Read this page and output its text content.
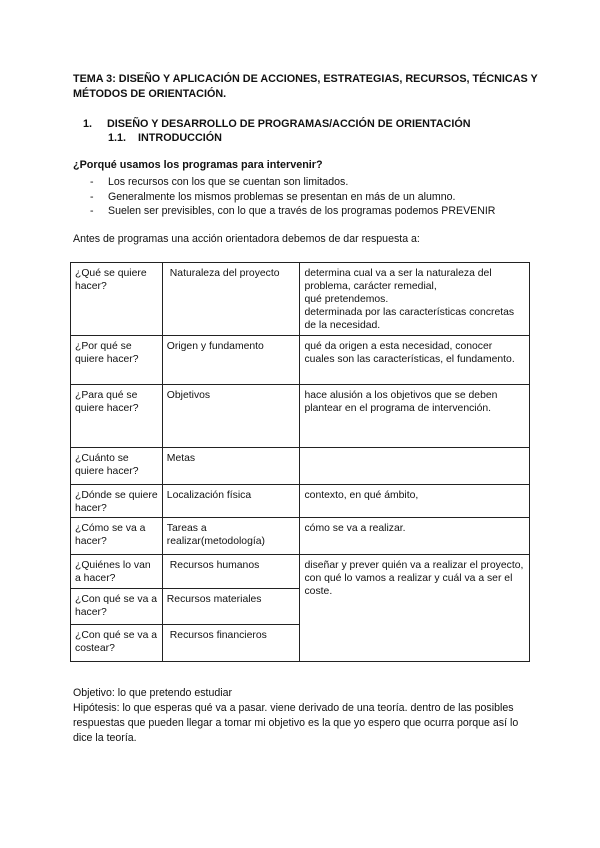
TEMA 3: DISEÑO Y APLICACIÓN DE ACCIONES, ESTRATEGIAS, RECURSOS, TÉCNICAS Y MÉTODOS DE ORIENTACIÓN.
1. DISEÑO Y DESARROLLO DE PROGRAMAS/ACCIÓN DE ORIENTACIÓN
1.1. INTRODUCCIÓN
¿Porqué usamos los programas para intervenir?
- Los recursos con los que se cuentan son limitados.
- Generalmente los mismos problemas se presentan en más de un alumno.
- Suelen ser previsibles, con lo que a través de los programas podemos PREVENIR
Antes de programas una acción orientadora debemos de dar respuesta a:
¿Qué se quiere hacer?	Naturaleza del proyecto	determina cual va a ser la naturaleza del problema, carácter remedial,
qué pretendemos.
determinada por las características concretas de la necesidad.
¿Por qué se quiere hacer?	Origen y fundamento	qué da origen a esta necesidad, conocer cuales son las características, el fundamento.
¿Para qué se quiere hacer?	Objetivos	hace alusión a los objetivos que se deben plantear en el programa de intervención.
¿Cuánto se quiere hacer?	Metas	
¿Dónde se quiere hacer?	Localización física	contexto, en qué ámbito,
¿Cómo se va a hacer?	Tareas a realizar(metodología)	cómo se va a realizar.
¿Quiénes lo van a hacer?	Recursos humanos	diseñar y prever quién va a realizar el proyecto, con qué lo vamos a realizar y cuál va a ser el coste.
¿Con qué se va a hacer?	Recursos materiales	
¿Con qué se va a costear?	Recursos financieros	

Objetivo: lo que pretendo estudiar

Hipótesis: lo que esperas qué va a pasar. viene derivado de una teoría. dentro de las posibles respuestas que pueden llegar a tomar mi objetivo es la que yo espero que ocurra porque así lo dice la teoría.
